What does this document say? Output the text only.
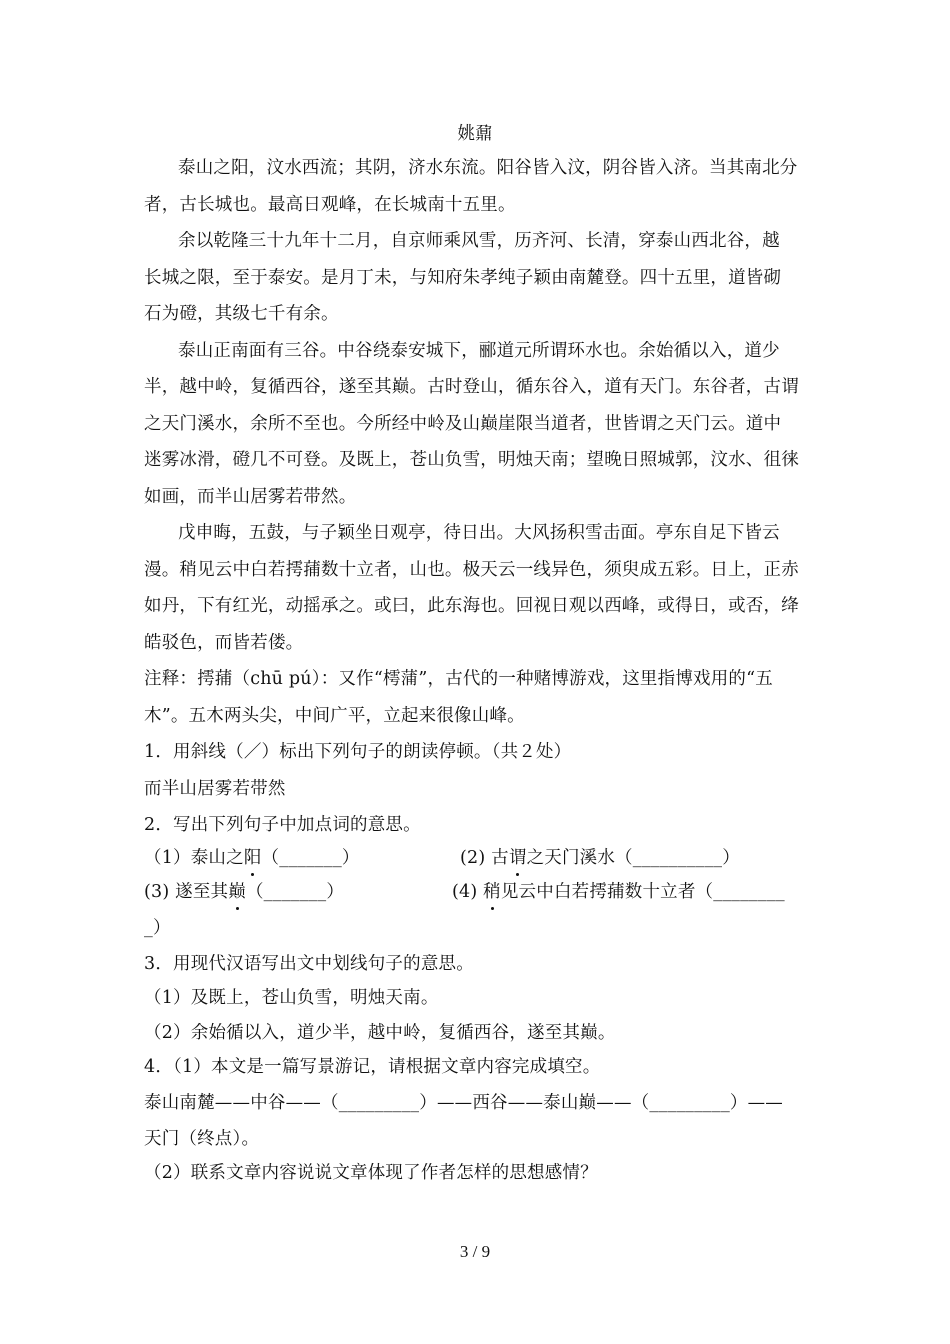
姚鼐
泰山之阳，汶水西流；其阴，济水东流。阳谷皆入汶，阴谷皆入济。当其南北分
者，古长城也。最高日观峰，在长城南十五里。
余以乾隆三十九年十二月，自京师乘风雪，历齐河、长清，穿泰山西北谷，越
长城之限，至于泰安。是月丁未，与知府朱孝纯子颖由南麓登。四十五里，道皆砌
石为磴，其级七千有余。
泰山正南面有三谷。中谷绕泰安城下，郦道元所谓环水也。余始循以入，道少
半，越中岭，复循西谷，遂至其巅。古时登山，循东谷入，道有天门。东谷者，古谓
之天门溪水，余所不至也。今所经中岭及山巅崖限当道者，世皆谓之天门云。道中
迷雾冰滑，磴几不可登。及既上，苍山负雪，明烛天南；望晚日照城郭，汶水、徂徕
如画，而半山居雾若带然。
戊申晦，五鼓，与子颖坐日观亭，待日出。大风扬积雪击面。亭东自足下皆云
漫。稍见云中白若摴蒱数十立者，山也。极天云一线异色，须臾成五彩。日上，正赤
如丹，下有红光，动摇承之。或曰，此东海也。回视日观以西峰，或得日，或否，绛
皓驳色，而皆若偻。
注释：摴蒱（chū pú）：又作“樗蒲”，古代的一种赌博游戏，这里指博戏用的“五
木”。五木两头尖，中间广平，立起来很像山峰。
1．用斜线（／）标出下列句子的朗读停顿。（共２处）
而半山居雾若带然
2．写出下列句子中加点词的意思。
（1）泰山之阳（_______）	(2) 古谓之天门溪水（__________）
(3) 遂至其巅（_______）	(4) 稍见云中白若摴蒱数十立者（________
_）
3．用现代汉语写出文中划线句子的意思。
（1）及既上，苍山负雪，明烛天南。
（2）余始循以入，道少半，越中岭，复循西谷，遂至其巅。
4．（1）本文是一篇写景游记，请根据文章内容完成填空。
泰山南麓——中谷——（_________）——西谷——泰山巅——（_________）——
天门（终点）。
（2）联系文章内容说说文章体现了作者怎样的思想感情？
3 / 9
